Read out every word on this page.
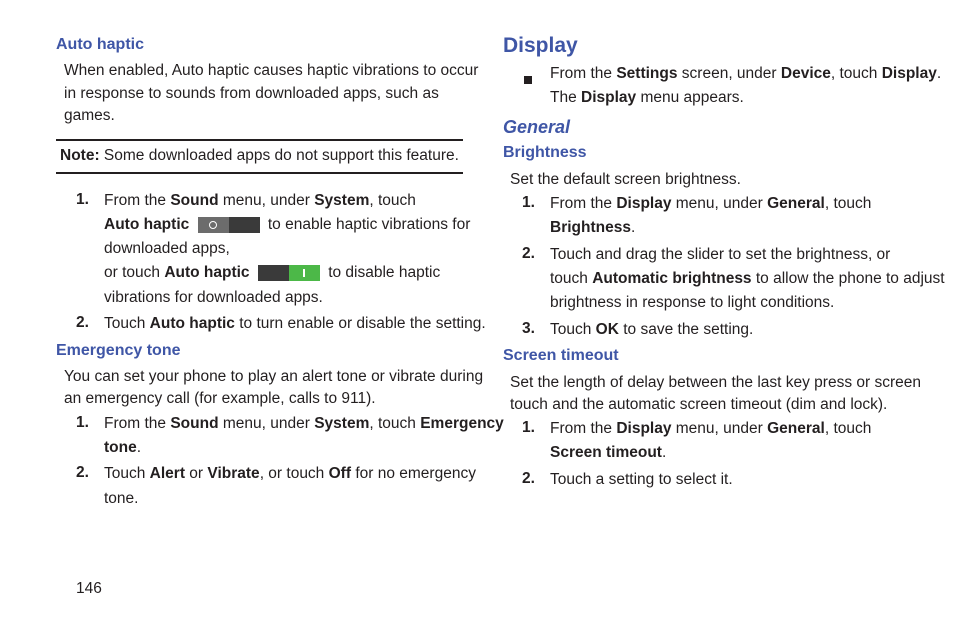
Auto haptic
When enabled, Auto haptic causes haptic vibrations to occur
in response to sounds from downloaded apps, such as
games.
Note: Some downloaded apps do not support this feature.
1. From the Sound menu, under System, touch
Auto haptic	to enable haptic vibrations for
downloaded apps,
or touch Auto haptic	to disable haptic
vibrations for downloaded apps.
2. Touch Auto haptic to turn enable or disable the setting.
Emergency tone
You can set your phone to play an alert tone or vibrate during
an emergency call (for example, calls to 911).
1. From the Sound menu, under System, touch Emergency
tone.
2. Touch Alert or Vibrate, or touch Off for no emergency
tone.
146
Display
From the Settings screen, under Device, touch Display.
The Display menu appears.
General
Brightness
Set the default screen brightness.
1. From the Display menu, under General, touch
Brightness.
2. Touch and drag the slider to set the brightness, or
touch Automatic brightness to allow the phone to adjust
brightness in response to light conditions.
3. Touch OK to save the setting.
Screen timeout
Set the length of delay between the last key press or screen
touch and the automatic screen timeout (dim and lock).
1. From the Display menu, under General, touch
Screen timeout.
2. Touch a setting to select it.
